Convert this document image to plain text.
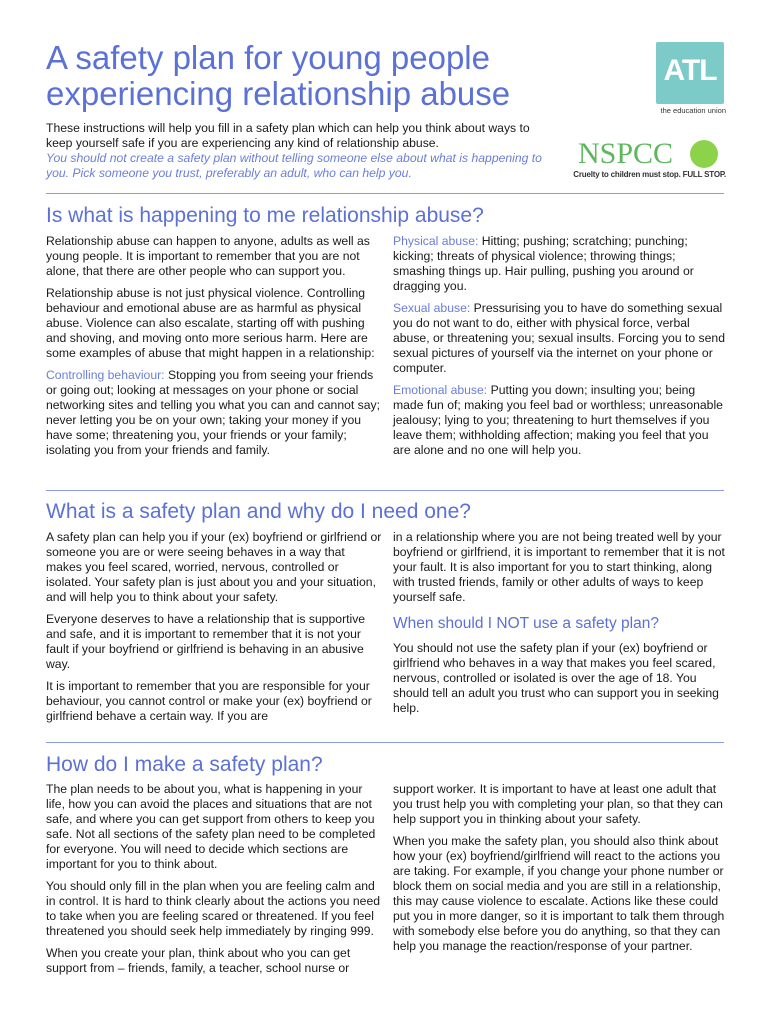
A safety plan for young people
experiencing relationship abuse

These instructions will help you fill in a safety plan which can help you think about ways to keep yourself safe if you are experiencing any kind of relationship abuse.

You should not create a safety plan without telling someone else about what is happening to you. Pick someone you trust, preferably an adult, who can help you.

ATL
the education union
NSPCC
Cruelty to children must stop. FULL STOP.
Is what is happening to me relationship abuse?

Relationship abuse can happen to anyone, adults as well as young people. It is important to remember that you are not alone, that there are other people who can support you.

Relationship abuse is not just physical violence. Controlling behaviour and emotional abuse are as harmful as physical abuse. Violence can also escalate, starting off with pushing and shoving, and moving onto more serious harm. Here are some examples of abuse that might happen in a relationship:

Controlling behaviour: Stopping you from seeing your friends or going out; looking at messages on your phone or social networking sites and telling you what you can and cannot say; never letting you be on your own; taking your money if you have some; threatening you, your friends or your family; isolating you from your friends and family.

Physical abuse: Hitting; pushing; scratching; punching; kicking; threats of physical violence; throwing things; smashing things up. Hair pulling, pushing you around or dragging you.

Sexual abuse: Pressurising you to have do something sexual you do not want to do, either with physical force, verbal abuse, or threatening you; sexual insults. Forcing you to send sexual pictures of yourself via the internet on your phone or computer.

Emotional abuse: Putting you down; insulting you; being made fun of; making you feel bad or worthless; unreasonable jealousy; lying to you; threatening to hurt themselves if you leave them; withholding affection; making you feel that you are alone and no one will help you.

What is a safety plan and why do I need one?

A safety plan can help you if your (ex) boyfriend or girlfriend or someone you are or were seeing behaves in a way that makes you feel scared, worried, nervous, controlled or isolated. Your safety plan is just about you and your situation, and will help you to think about your safety.

Everyone deserves to have a relationship that is supportive and safe, and it is important to remember that it is not your fault if your boyfriend or girlfriend is behaving in an abusive way.

It is important to remember that you are responsible for your behaviour, you cannot control or make your (ex) boyfriend or girlfriend behave a certain way. If you are

in a relationship where you are not being treated well by your boyfriend or girlfriend, it is important to remember that it is not your fault. It is also important for you to start thinking, along with trusted friends, family or other adults of ways to keep yourself safe.

When should I NOT use a safety plan?

You should not use the safety plan if your (ex) boyfriend or girlfriend who behaves in a way that makes you feel scared, nervous, controlled or isolated is over the age of 18. You should tell an adult you trust who can support you in seeking help.

How do I make a safety plan?

The plan needs to be about you, what is happening in your life, how you can avoid the places and situations that are not safe, and where you can get support from others to keep you safe. Not all sections of the safety plan need to be completed for everyone. You will need to decide which sections are important for you to think about.

You should only fill in the plan when you are feeling calm and in control. It is hard to think clearly about the actions you need to take when you are feeling scared or threatened. If you feel threatened you should seek help immediately by ringing 999.

When you create your plan, think about who you can get support from – friends, family, a teacher, school nurse or

support worker. It is important to have at least one adult that you trust help you with completing your plan, so that they can help support you in thinking about your safety.

When you make the safety plan, you should also think about how your (ex) boyfriend/girlfriend will react to the actions you are taking. For example, if you change your phone number or block them on social media and you are still in a relationship, this may cause violence to escalate. Actions like these could put you in more danger, so it is important to talk them through with somebody else before you do anything, so that they can help you manage the reaction/response of your partner.
